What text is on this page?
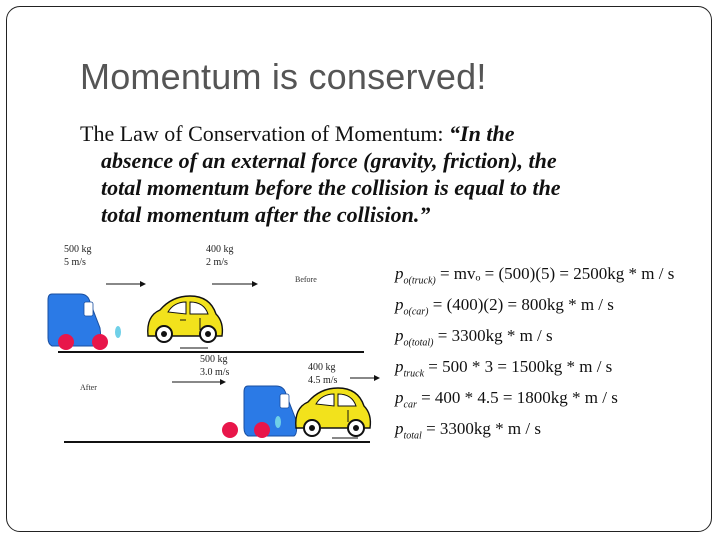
Momentum is conserved!
The Law of Conservation of Momentum: “In the
absence of an external force (gravity, friction), the
total momentum before the collision is equal to the
total momentum after the collision.”
500 kg
5 m/s
400 kg
2 m/s
Before
500 kg
3.0 m/s	400 kg
4.5 m/s
After
$p_{o(truck)} = mv_o = (500)(5) = 2500kg * m / s$
$p_{o(car)} = (400)(2) = 800kg * m / s$
$p_{o(total)} = 3300kg * m / s$
$p_{truck} = 500 * 3 = 1500kg * m / s$
$p_{car} = 400 * 4.5 = 1800kg * m / s$
$p_{total} = 3300kg * m / s$
